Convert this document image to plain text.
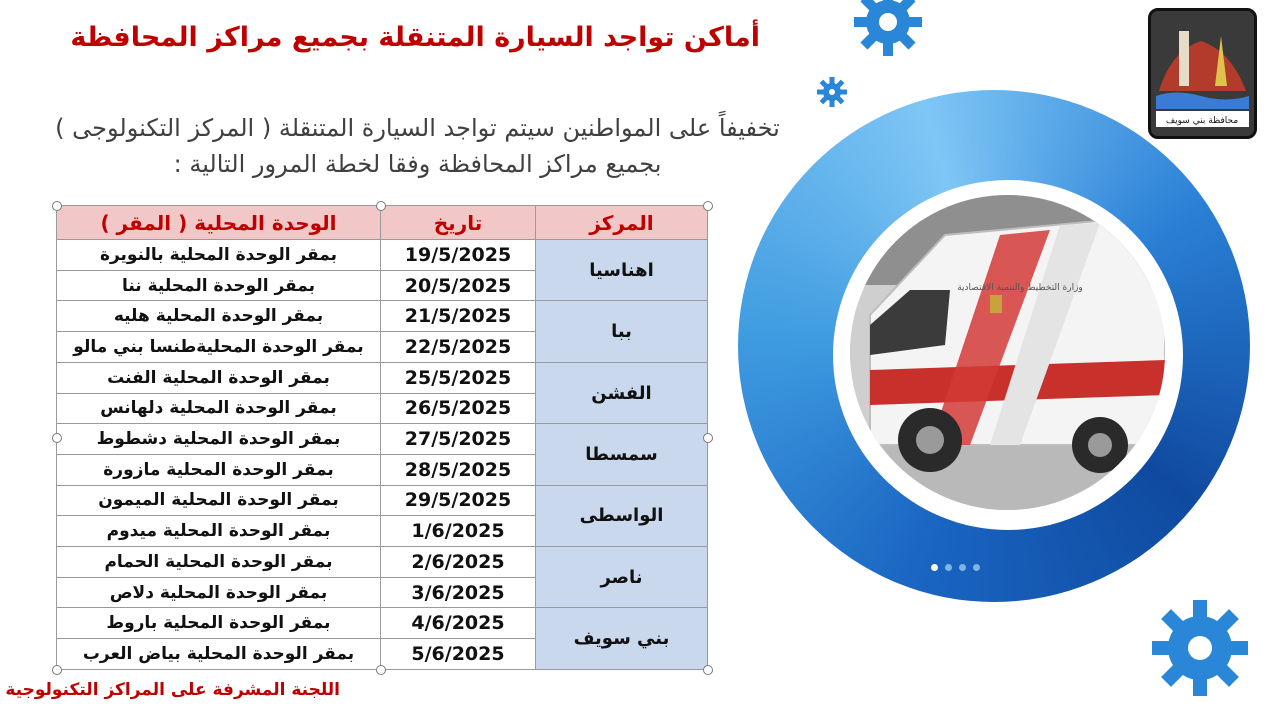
وزارة التخطيط والتنمية الاقتصادية
محافظة بني سويف
أماكن تواجد السيارة المتنقلة بجميع مراكز المحافظة
تخفيفاً على المواطنين سيتم تواجد السيارة المتنقلة ( المركز التكنولوجى )
بجميع مراكز المحافظة وفقا لخطة المرور التالية :
المركز	تاريخ	الوحدة المحلية ( المقر )
اهناسيا	19/5/2025	بمقر الوحدة المحلية بالنويرة
	20/5/2025	بمقر الوحدة المحلية ننا
ببا	21/5/2025	بمقر الوحدة المحلية هليه
	22/5/2025	بمقر الوحدة المحليةطنسا بني مالو
الفشن	25/5/2025	بمقر الوحدة المحلية الفنت
	26/5/2025	بمقر الوحدة المحلية دلهانس
سمسطا	27/5/2025	بمقر الوحدة المحلية دشطوط
	28/5/2025	بمقر الوحدة المحلية مازورة
الواسطى	29/5/2025	بمقر الوحدة المحلية الميمون
	1/6/2025	بمقر الوحدة المحلية ميدوم
ناصر	2/6/2025	بمقر الوحدة المحلية الحمام
	3/6/2025	بمقر الوحدة المحلية دلاص
بني سويف	4/6/2025	بمقر الوحدة المحلية باروط
	5/6/2025	بمقر الوحدة المحلية بياض العرب
اللجنة المشرفة على المراكز التكنولوجية
